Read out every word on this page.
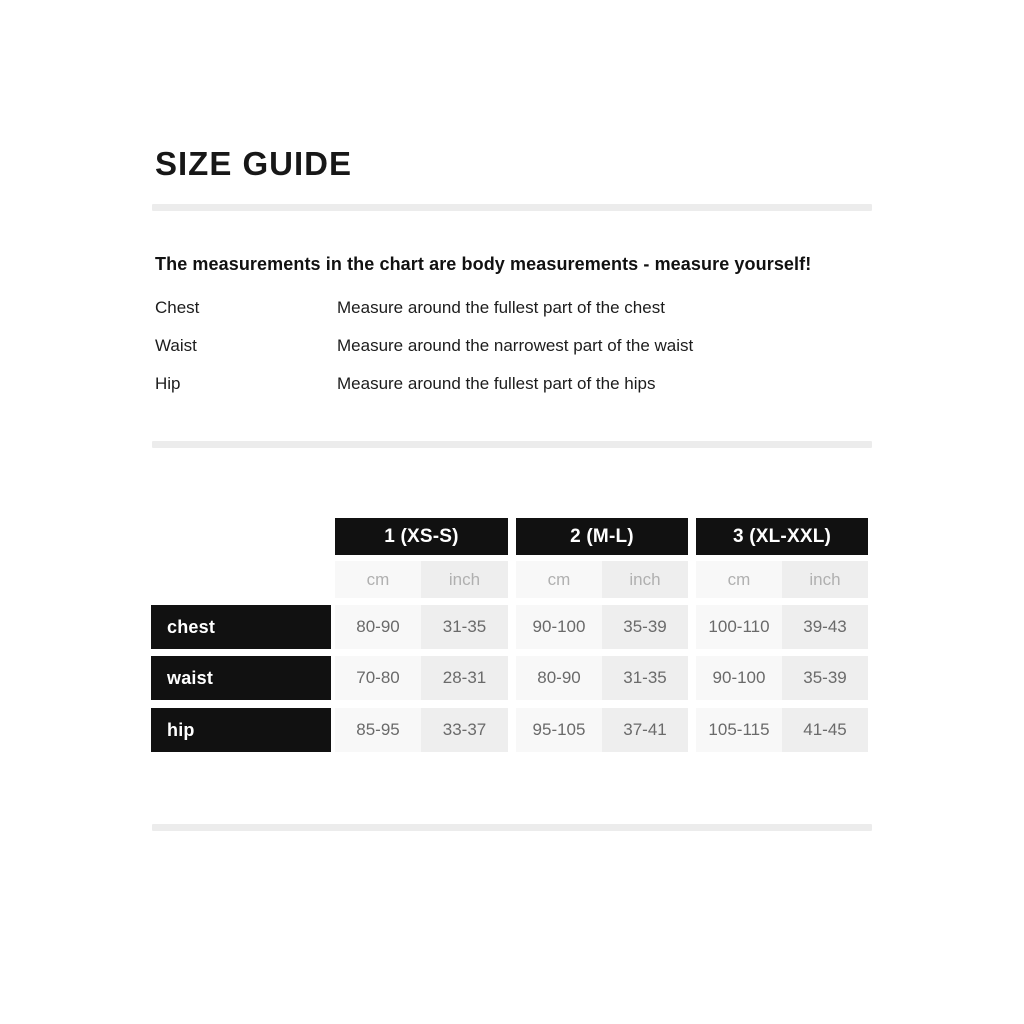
SIZE GUIDE

The measurements in the chart are body measurements - measure yourself!

Chest	Measure around the fullest part of the chest
Waist	Measure around the narrowest part of the waist
Hip	Measure around the fullest part of the hips
1 (XS-S)	2 (M-L)	3 (XL-XXL)
cm	inch	cm	inch	cm	inch
chest	80-90	31-35	90-100	35-39	100-110	39-43
waist	70-80	28-31	80-90	31-35	90-100	35-39
hip	85-95	33-37	95-105	37-41	105-115	41-45
